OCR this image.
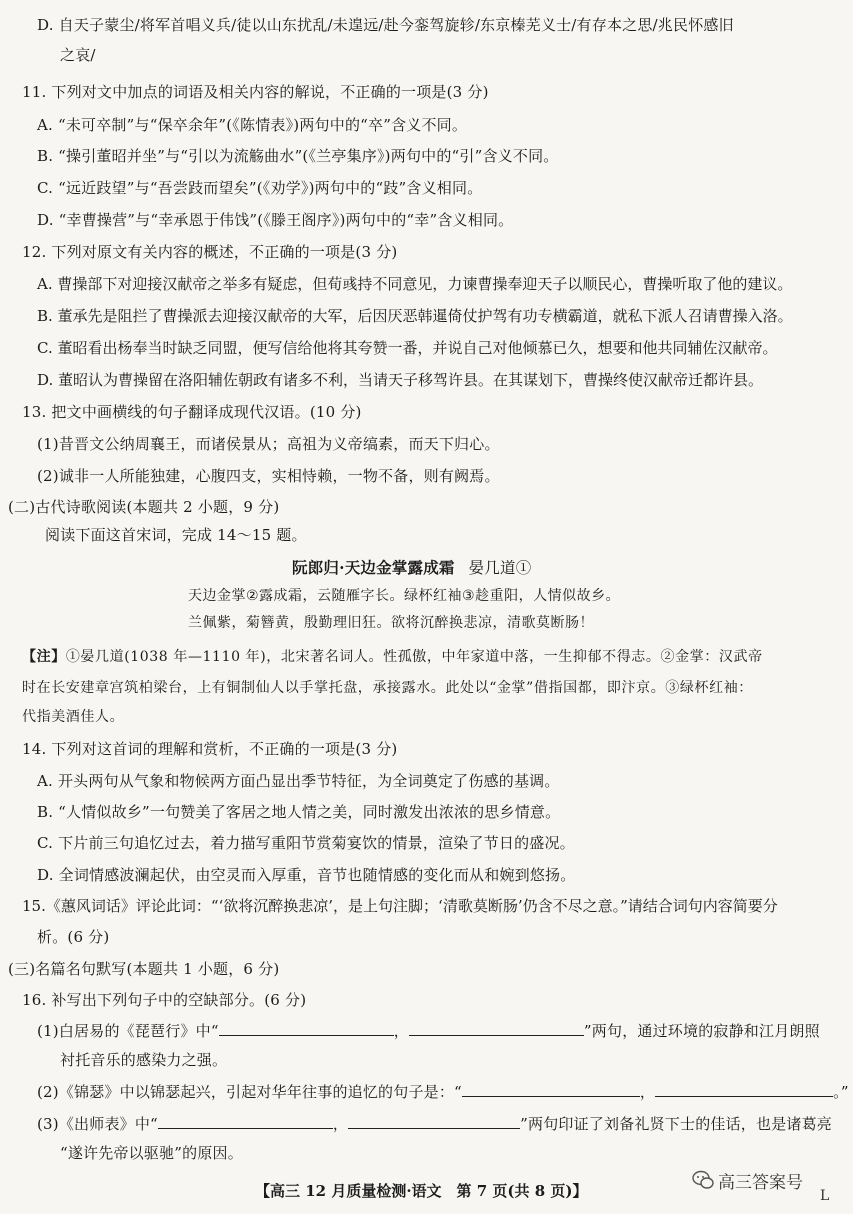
D. 自天子蒙尘/将军首唱义兵/徒以山东扰乱/未遑远/赴今銮驾旋轸/东京榛芜义士/有存本之思/兆民怀感旧
之哀/
11. 下列对文中加点的词语及相关内容的解说，不正确的一项是(3 分)
A. “未可卒制”与“保卒余年”(《陈情表》)两句中的“卒”含义不同。
B. “操引董昭并坐”与“引以为流觞曲水”(《兰亭集序》)两句中的“引”含义不同。
C. “远近跂望”与“吾尝跂而望矣”(《劝学》)两句中的“跂”含义相同。
D. “幸曹操营”与“幸承恩于伟饯”(《滕王阁序》)两句中的“幸”含义相同。
12. 下列对原文有关内容的概述，不正确的一项是(3 分)
A. 曹操部下对迎接汉献帝之举多有疑虑，但荀彧持不同意见，力谏曹操奉迎天子以顺民心，曹操听取了他的建议。
B. 董承先是阻拦了曹操派去迎接汉献帝的大军，后因厌恶韩暹倚仗护驾有功专横霸道，就私下派人召请曹操入洛。
C. 董昭看出杨奉当时缺乏同盟，便写信给他将其夸赞一番，并说自己对他倾慕已久，想要和他共同辅佐汉献帝。
D. 董昭认为曹操留在洛阳辅佐朝政有诸多不利，当请天子移驾许县。在其谋划下，曹操终使汉献帝迁都许县。
13. 把文中画横线的句子翻译成现代汉语。(10 分)
(1)昔晋文公纳周襄王，而诸侯景从；高祖为义帝缟素，而天下归心。
(2)诚非一人所能独建，心腹四支，实相恃赖，一物不备，则有阙焉。
(二)古代诗歌阅读(本题共 2 小题，9 分)
阅读下面这首宋词，完成 14～15 题。
阮郎归·天边金掌露成霜 晏几道①
天边金掌②露成霜，云随雁字长。绿杯红袖③趁重阳，人情似故乡。
兰佩紫，菊簪黄，殷勤理旧狂。欲将沉醉换悲凉，清歌莫断肠！
【注】①晏几道(1038 年—1110 年)，北宋著名词人。性孤傲，中年家道中落，一生抑郁不得志。②金掌：汉武帝
时在长安建章宫筑柏梁台，上有铜制仙人以手掌托盘，承接露水。此处以“金掌”借指国都，即汴京。③绿杯红袖：
代指美酒佳人。
14. 下列对这首词的理解和赏析，不正确的一项是(3 分)
A. 开头两句从气象和物候两方面凸显出季节特征，为全词奠定了伤感的基调。
B. “人情似故乡”一句赞美了客居之地人情之美，同时激发出浓浓的思乡情意。
C. 下片前三句追忆过去，着力描写重阳节赏菊宴饮的情景，渲染了节日的盛况。
D. 全词情感波澜起伏，由空灵而入厚重，音节也随情感的变化而从和婉到悠扬。
15.《蕙风词话》评论此词：“‘欲将沉醉换悲凉’，是上句注脚；‘清歌莫断肠’仍含不尽之意。”请结合词句内容简要分
析。(6 分)
(三)名篇名句默写(本题共 1 小题，6 分)
16. 补写出下列句子中的空缺部分。(6 分)
(1)白居易的《琵琶行》中“	，	”两句，通过环境的寂静和江月朗照
衬托音乐的感染力之强。
(2)《锦瑟》中以锦瑟起兴，引起对华年往事的追忆的句子是：“	，	。”
(3)《出师表》中“	，	”两句印证了刘备礼贤下士的佳话，也是诸葛亮
“遂许先帝以驱驰”的原因。
【高三 12 月质量检测·语文　第 7 页(共 8 页)】	高三答案号
L
